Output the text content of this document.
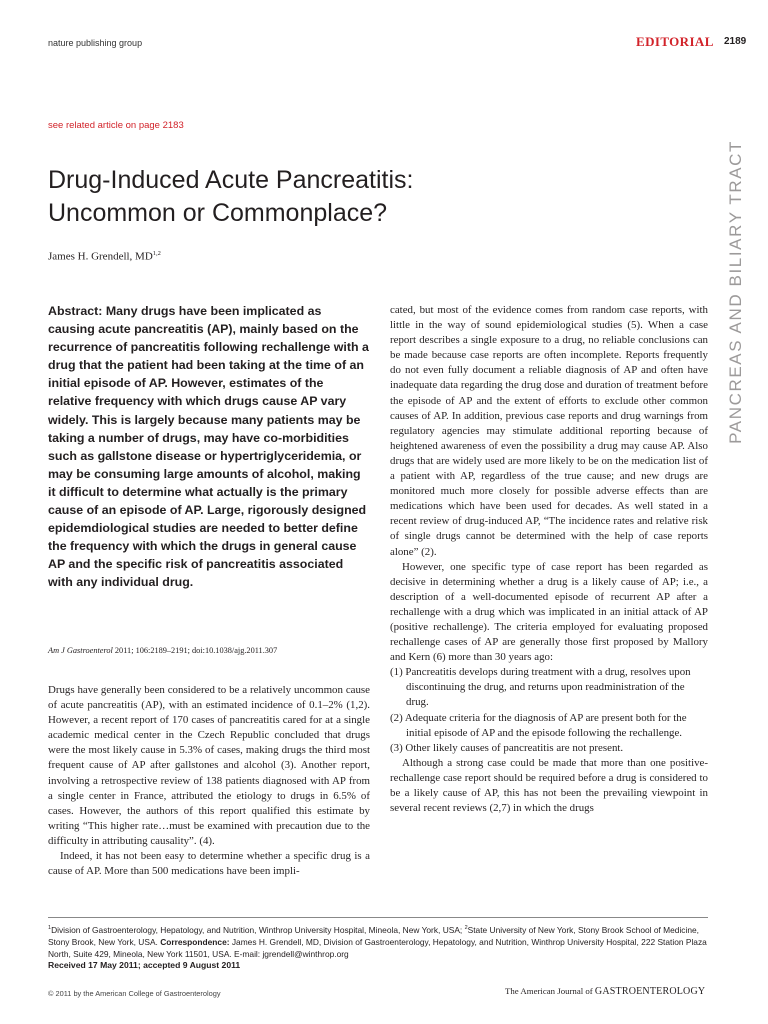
nature publishing group	EDITORIAL 2189
PANCREAS AND BILIARY TRACT
see related article on page 2183
Drug-Induced Acute Pancreatitis:
Uncommon or Commonplace?
James H. Grendell, MD$^{1,2}$

Abstract: Many drugs have been implicated as causing acute pancreatitis (AP), mainly based on the recurrence of pancreatitis following rechallenge with a drug that the patient had been taking at the time of an initial episode of AP. However, estimates of the relative frequency with which drugs cause AP vary widely. This is largely because many patients may be taking a number of drugs, may have co-morbidities such as gallstone disease or hypertriglyceridemia, or may be consuming large amounts of alcohol, making it difficult to determine what actually is the primary cause of an episode of AP. Large, rigorously designed epidemdiological studies are needed to better define the frequency with which the drugs in general cause AP and the specific risk of pancreatitis associated with any individual drug.

Am J Gastroenterol 2011; 106:2189–2191; doi:10.1038/ajg.2011.307

Drugs have generally been considered to be a relatively uncommon cause of acute pancreatitis (AP), with an estimated incidence of 0.1–2% (1,2). However, a recent report of 170 cases of pancreatitis cared for at a single academic medical center in the Czech Republic concluded that drugs were the most likely cause in 5.3% of cases, making drugs the third most frequent cause of AP after gallstones and alcohol (3). Another report, involving a retrospective review of 138 patients diagnosed with AP from a single center in France, attributed the etiology to drugs in 6.5% of cases. However, the authors of this report qualified this estimate by writing “This higher rate…must be examined with precaution due to the difficulty in attributing causality”. (4).

Indeed, it has not been easy to determine whether a specific drug is a cause of AP. More than 500 medications have been impli-

cated, but most of the evidence comes from random case reports, with little in the way of sound epidemiological studies (5). When a case report describes a single exposure to a drug, no reliable conclusions can be made because case reports are often incomplete. Reports frequently do not even fully document a reliable diagnosis of AP and often have inadequate data regarding the drug dose and duration of treatment before the episode of AP and the extent of efforts to exclude other common causes of AP. In addition, previous case reports and drug warnings from regulatory agencies may stimulate additional reporting because of heightened awareness of even the possibility a drug may cause AP. Also drugs that are widely used are more likely to be on the medication list of a patient with AP, regardless of the true cause; and new drugs are monitored much more closely for possible adverse effects than are medications which have been used for decades. As well stated in a recent review of drug-induced AP, “The incidence rates and relative risk of single drugs cannot be determined with the help of case reports alone” (2).

However, one specific type of case report has been regarded as decisive in determining whether a drug is a likely cause of AP; i.e., a description of a well-documented episode of recurrent AP after a rechallenge with a drug which was implicated in an initial attack of AP (positive rechallenge). The criteria employed for evaluating proposed rechallenge cases of AP are generally those first proposed by Mallory and Kern (6) more than 30 years ago:

(1) Pancreatitis develops during treatment with a drug, resolves upon discontinuing the drug, and returns upon readministration of the drug.

(2) Adequate criteria for the diagnosis of AP are present both for the initial episode of AP and the episode following the rechallenge.

(3) Other likely causes of pancreatitis are not present.

Although a strong case could be made that more than one positive-rechallenge case report should be required before a drug is considered to be a likely cause of AP, this has not been the prevailing viewpoint in several recent reviews (2,7) in which the drugs

$^1$Division of Gastroenterology, Hepatology, and Nutrition, Winthrop University Hospital, Mineola, New York, USA; $^2$State University of New York, Stony Brook School of Medicine, Stony Brook, New York, USA. Correspondence: James H. Grendell, MD, Division of Gastroenterology, Hepatology, and Nutrition, Winthrop University Hospital, 222 Station Plaza North, Suite 429, Mineola, New York 11501, USA. E-mail: jgrendell@winthrop.org
Received 17 May 2011; accepted 9 August 2011
© 2011 by the American College of Gastroenterology	The American Journal of GASTROENTEROLOGY
